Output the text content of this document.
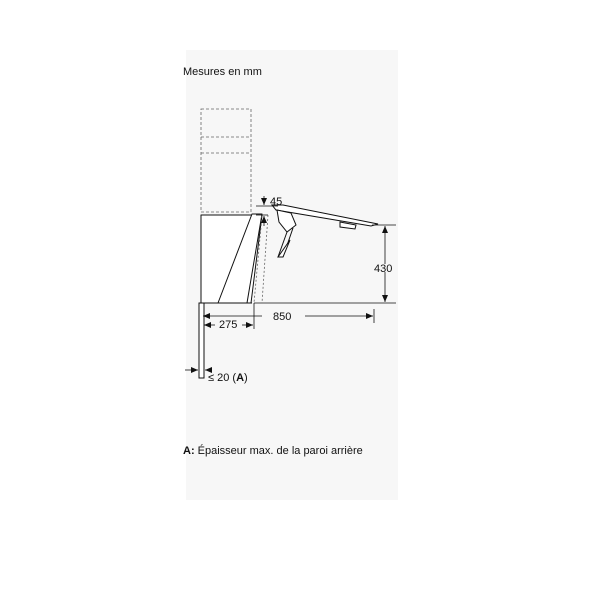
Mesures en mm
45
430
850
275
≤ 20 (A)
A: Épaisseur max. de la paroi arrière
